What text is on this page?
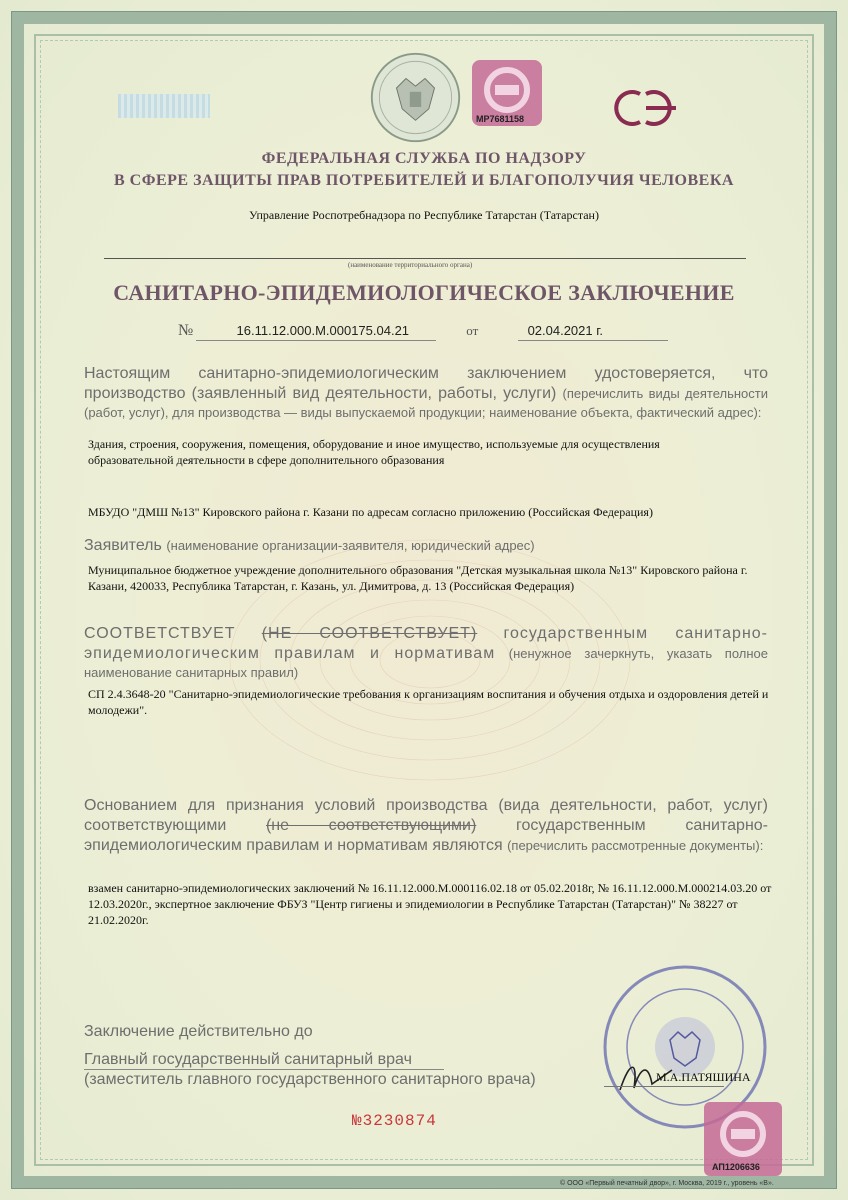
МР7681158
ФЕДЕРАЛЬНАЯ СЛУЖБА ПО НАДЗОРУ
В СФЕРЕ ЗАЩИТЫ ПРАВ ПОТРЕБИТЕЛЕЙ И БЛАГОПОЛУЧИЯ ЧЕЛОВЕКА
Управление Роспотребнадзора по Республике Татарстан (Татарстан)
(наименование территориального органа)
САНИТАРНО-ЭПИДЕМИОЛОГИЧЕСКОЕ ЗАКЛЮЧЕНИЕ
№	16.11.12.000.М.000175.04.21	от	02.04.2021 г.
Настоящим санитарно-эпидемиологическим заключением удостоверяется, что производство (заявленный вид деятельности, работы, услуги) (перечислить виды деятельности (работ, услуг), для производства — виды выпускаемой продукции; наименование объекта, фактический адрес):
Здания, строения, сооружения, помещения, оборудование и иное имущество, используемые для осуществления образовательной деятельности в сфере дополнительного образования
МБУДО "ДМШ №13" Кировского района г. Казани по адресам согласно приложению (Российская Федерация)
Заявитель (наименование организации-заявителя, юридический адрес)
Муниципальное бюджетное учреждение дополнительного образования "Детская музыкальная школа №13" Кировского района г. Казани, 420033, Республика Татарстан, г. Казань, ул. Димитрова, д. 13 (Российская Федерация)
СООТВЕТСТВУЕТ (НЕ СООТВЕТСТВУЕТ) государственным санитарно-эпидемиологическим правилам и нормативам (ненужное зачеркнуть, указать полное наименование санитарных правил)
СП 2.4.3648-20 "Санитарно-эпидемиологические требования к организациям воспитания и обучения отдыха и оздоровления детей и молодежи".
Основанием для признания условий производства (вида деятельности, работ, услуг) соответствующими (не соответствующими) государственным санитарно-эпидемиологическим правилам и нормативам являются (перечислить рассмотренные документы):
взамен санитарно-эпидемиологических заключений № 16.11.12.000.М.000116.02.18 от 05.02.2018г, № 16.11.12.000.М.000214.03.20 от 12.03.2020г., экспертное заключение ФБУЗ "Центр гигиены и эпидемиологии в Республике Татарстан (Татарстан)" № 38227 от 21.02.2020г.
Заключение действительно до
Главный государственный санитарный врач
(заместитель главного государственного санитарного врача)	М.А.ПАТЯШИНА
№3230874
АП1206636
© ООО «Первый печатный двор», г. Москва, 2019 г., уровень «В».
